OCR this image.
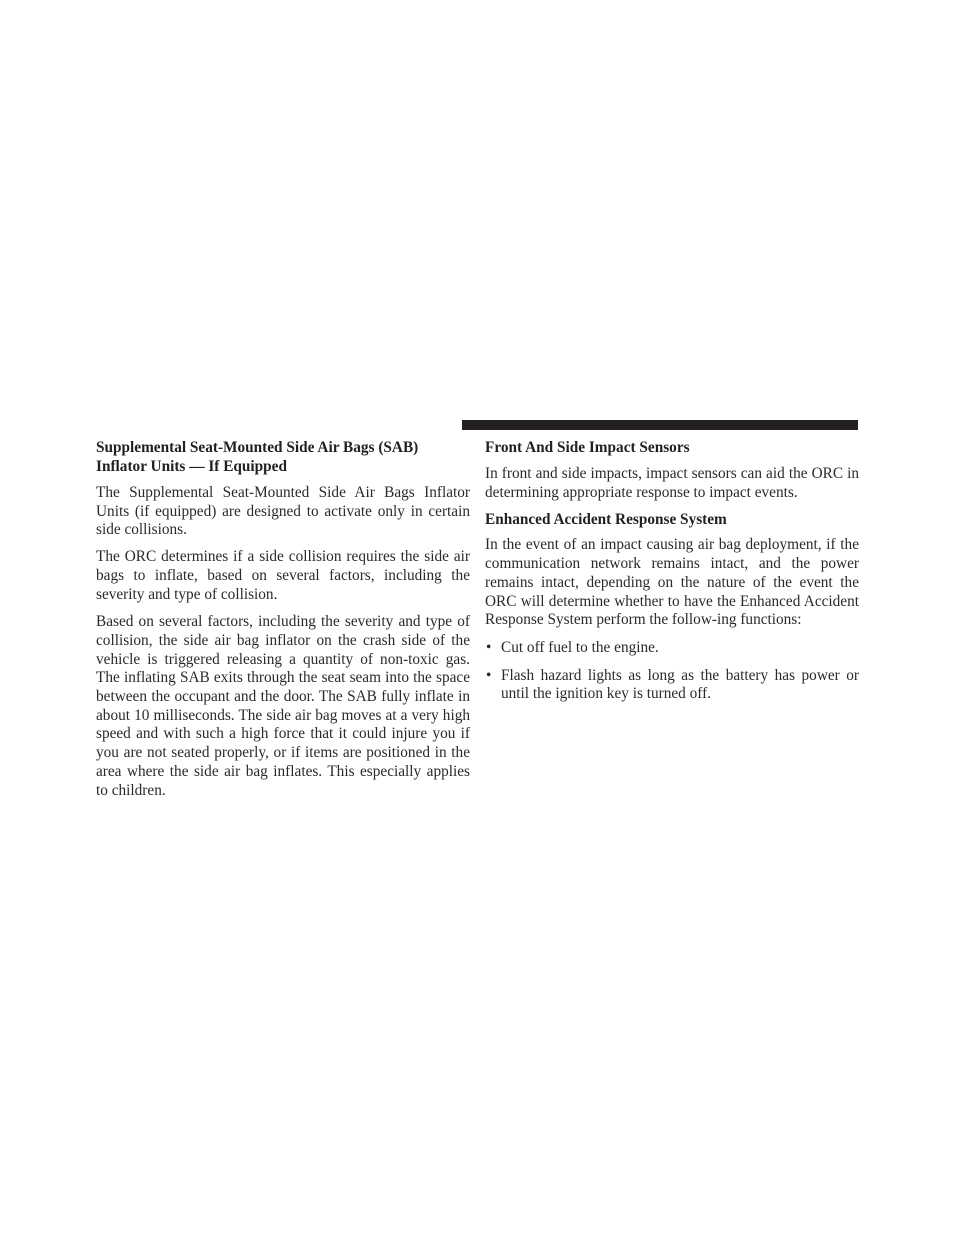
Supplemental Seat-Mounted Side Air Bags (SAB) Inflator Units — If Equipped

The Supplemental Seat-Mounted Side Air Bags Inflator Units (if equipped) are designed to activate only in certain side collisions.

The ORC determines if a side collision requires the side air bags to inflate, based on several factors, including the severity and type of collision.

Based on several factors, including the severity and type of collision, the side air bag inflator on the crash side of the vehicle is triggered releasing a quantity of non-toxic gas. The inflating SAB exits through the seat seam into the space between the occupant and the door. The SAB fully inflate in about 10 milliseconds. The side air bag moves at a very high speed and with such a high force that it could injure you if you are not seated properly, or if items are positioned in the area where the side air bag inflates. This especially applies to children.

Front And Side Impact Sensors

In front and side impacts, impact sensors can aid the ORC in determining appropriate response to impact events.

Enhanced Accident Response System

In the event of an impact causing air bag deployment, if the communication network remains intact, and the power remains intact, depending on the nature of the event the ORC will determine whether to have the Enhanced Accident Response System perform the follow-ing functions:

• Cut off fuel to the engine.
• Flash hazard lights as long as the battery has power or until the ignition key is turned off.
